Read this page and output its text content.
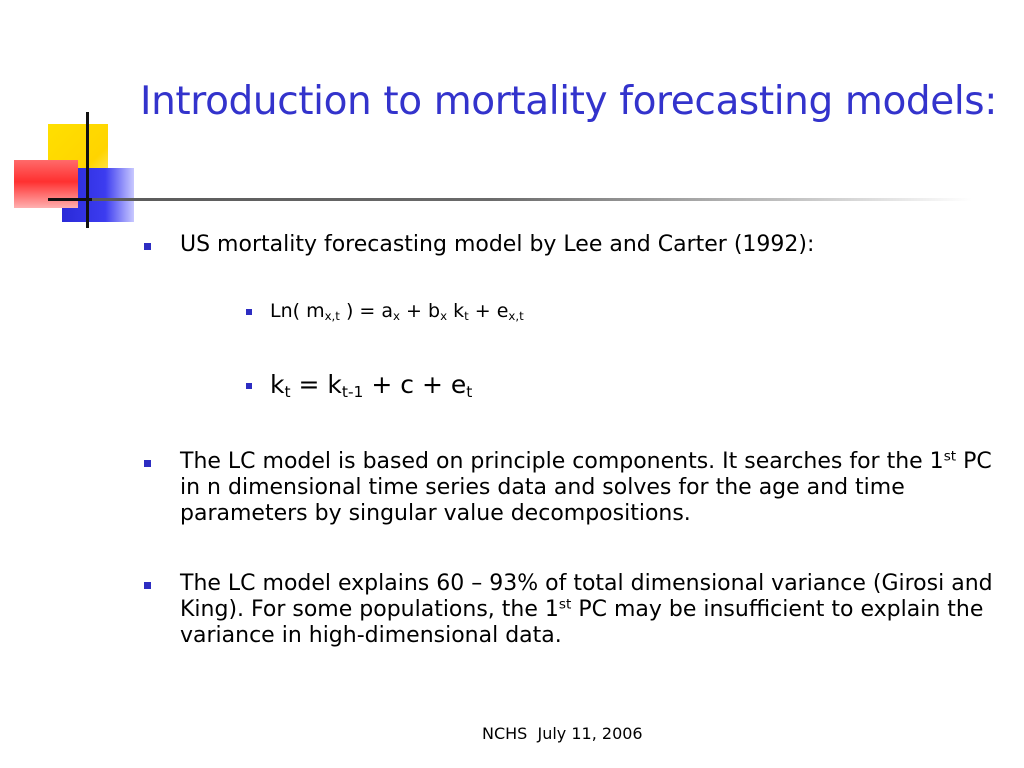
Introduction to mortality forecasting models:
US mortality forecasting model by Lee and Carter (1992):
Ln( $m_{x,t}$ ) = $a_x + b_x$ $k_t + e_{x,t}$
$k_t = k_{t-1} + c + e_t$
The LC model is based on principle components. It searches for the 1st PC in n dimensional time series data and solves for the age and time parameters by singular value decompositions.
The LC model explains 60 – 93% of total dimensional variance (Girosi and King). For some populations, the 1st PC may be insufficient to explain the variance in high-dimensional data.
NCHS  July 11, 2006
